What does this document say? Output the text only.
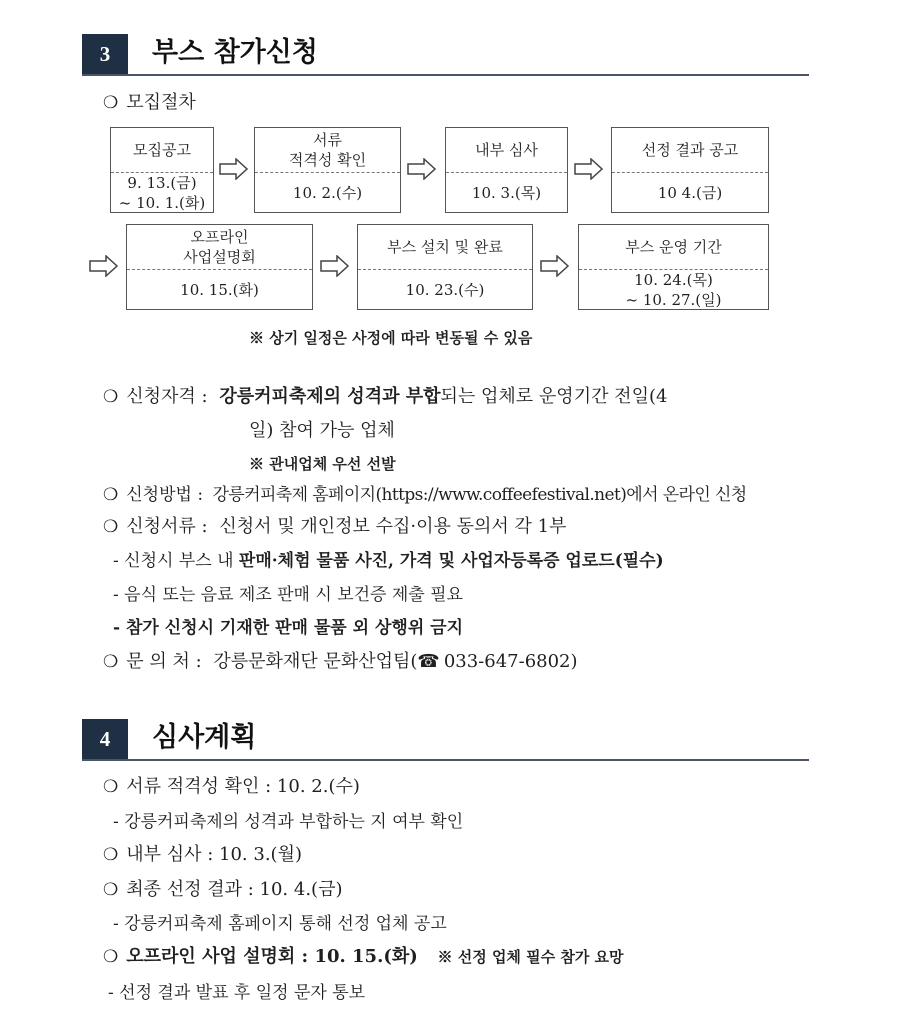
3	부스 참가신청
❍ 모집절차
모집공고
9. 13.(금)
~ 10. 1.(화)
서류
적격성 확인
10. 2.(수)
내부 심사
10. 3.(목)
선정 결과 공고
10 4.(금)
오프라인
사업설명회
10. 15.(화)
부스 설치 및 완료
10. 23.(수)
부스 운영 기간
10. 24.(목)
~ 10. 27.(일)
※ 상기 일정은 사정에 따라 변동될 수 있음
❍ 신청자격 : 강릉커피축제의 성격과 부합되는 업체로 운영기간 전일(4
일) 참여 가능 업체
※ 관내업체 우선 선발
❍ 신청방법 : 강릉커피축제 홈페이지(https://www.coffeefestival.net)에서 온라인 신청
❍ 신청서류 : 신청서 및 개인정보 수집·이용 동의서 각 1부
- 신청시 부스 내 판매·체험 물품 사진, 가격 및 사업자등록증 업로드(필수)
- 음식 또는 음료 제조 판매 시 보건증 제출 필요
- 참가 신청시 기재한 판매 물품 외 상행위 금지
❍ 문 의 처 : 강릉문화재단 문화산업팀(☎ 033-647-6802)
4	심사계획
❍ 서류 적격성 확인 : 10. 2.(수)
- 강릉커피축제의 성격과 부합하는 지 여부 확인
❍ 내부 심사 : 10. 3.(월)
❍ 최종 선정 결과 : 10. 4.(금)
- 강릉커피축제 홈페이지 통해 선정 업체 공고
❍ 오프라인 사업 설명회 : 10. 15.(화) ※ 선정 업체 필수 참가 요망
- 선정 결과 발표 후 일정 문자 통보
